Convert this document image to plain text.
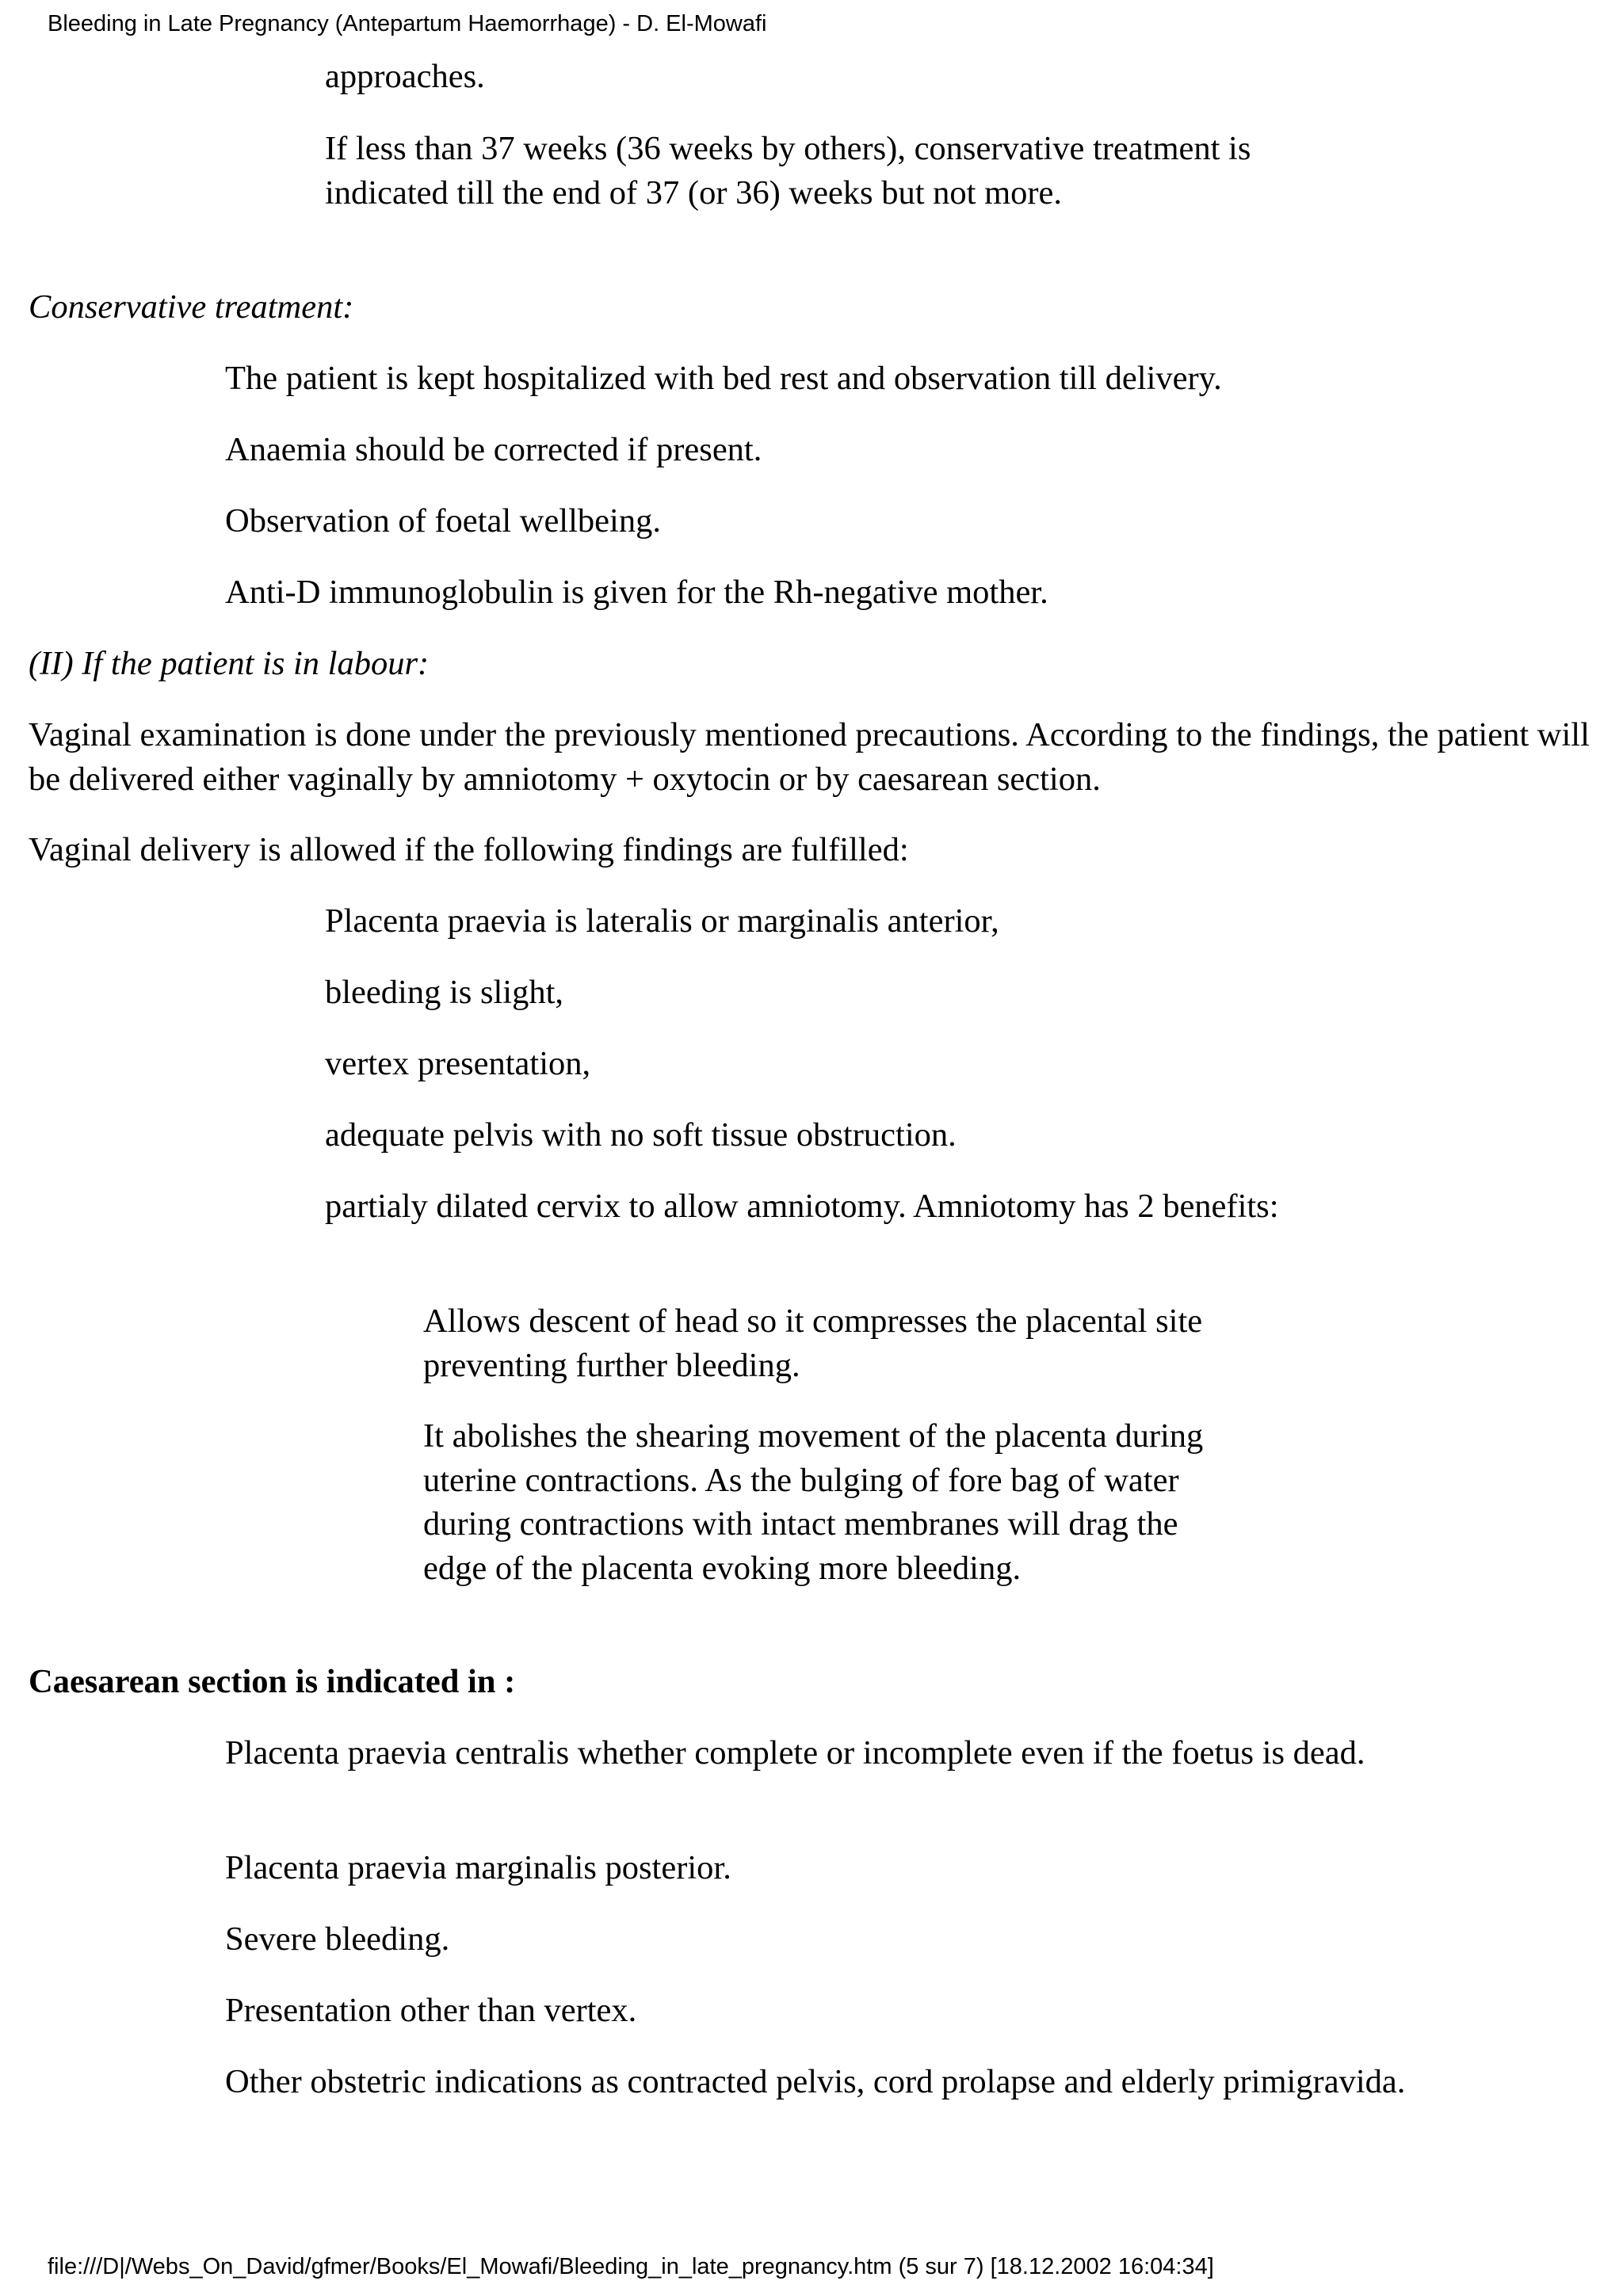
Bleeding in Late Pregnancy (Antepartum Haemorrhage) - D. El-Mowafi

approaches.

If less than 37 weeks (36 weeks by others), conservative treatment is indicated till the end of 37 (or 36) weeks but not more.

Conservative treatment:

The patient is kept hospitalized with bed rest and observation till delivery.

Anaemia should be corrected if present.

Observation of foetal wellbeing.

Anti-D immunoglobulin is given for the Rh-negative mother.

(II) If the patient is in labour:

Vaginal examination is done under the previously mentioned precautions. According to the findings, the patient will be delivered either vaginally by amniotomy + oxytocin or by caesarean section.

Vaginal delivery is allowed if the following findings are fulfilled:

Placenta praevia is lateralis or marginalis anterior,

bleeding is slight,

vertex presentation,

adequate pelvis with no soft tissue obstruction.

partialy dilated cervix to allow amniotomy. Amniotomy has 2 benefits:

Allows descent of head so it compresses the placental site preventing further bleeding.

It abolishes the shearing movement of the placenta during uterine contractions. As the bulging of fore bag of water during contractions with intact membranes will drag the edge of the placenta evoking more bleeding.

Caesarean section is indicated in :

Placenta praevia centralis whether complete or incomplete even if the foetus is dead.

Placenta praevia marginalis posterior.

Severe bleeding.

Presentation other than vertex.

Other obstetric indications as contracted pelvis, cord prolapse and elderly primigravida.

file:///D|/Webs_On_David/gfmer/Books/El_Mowafi/Bleeding_in_late_pregnancy.htm (5 sur 7) [18.12.2002 16:04:34]
